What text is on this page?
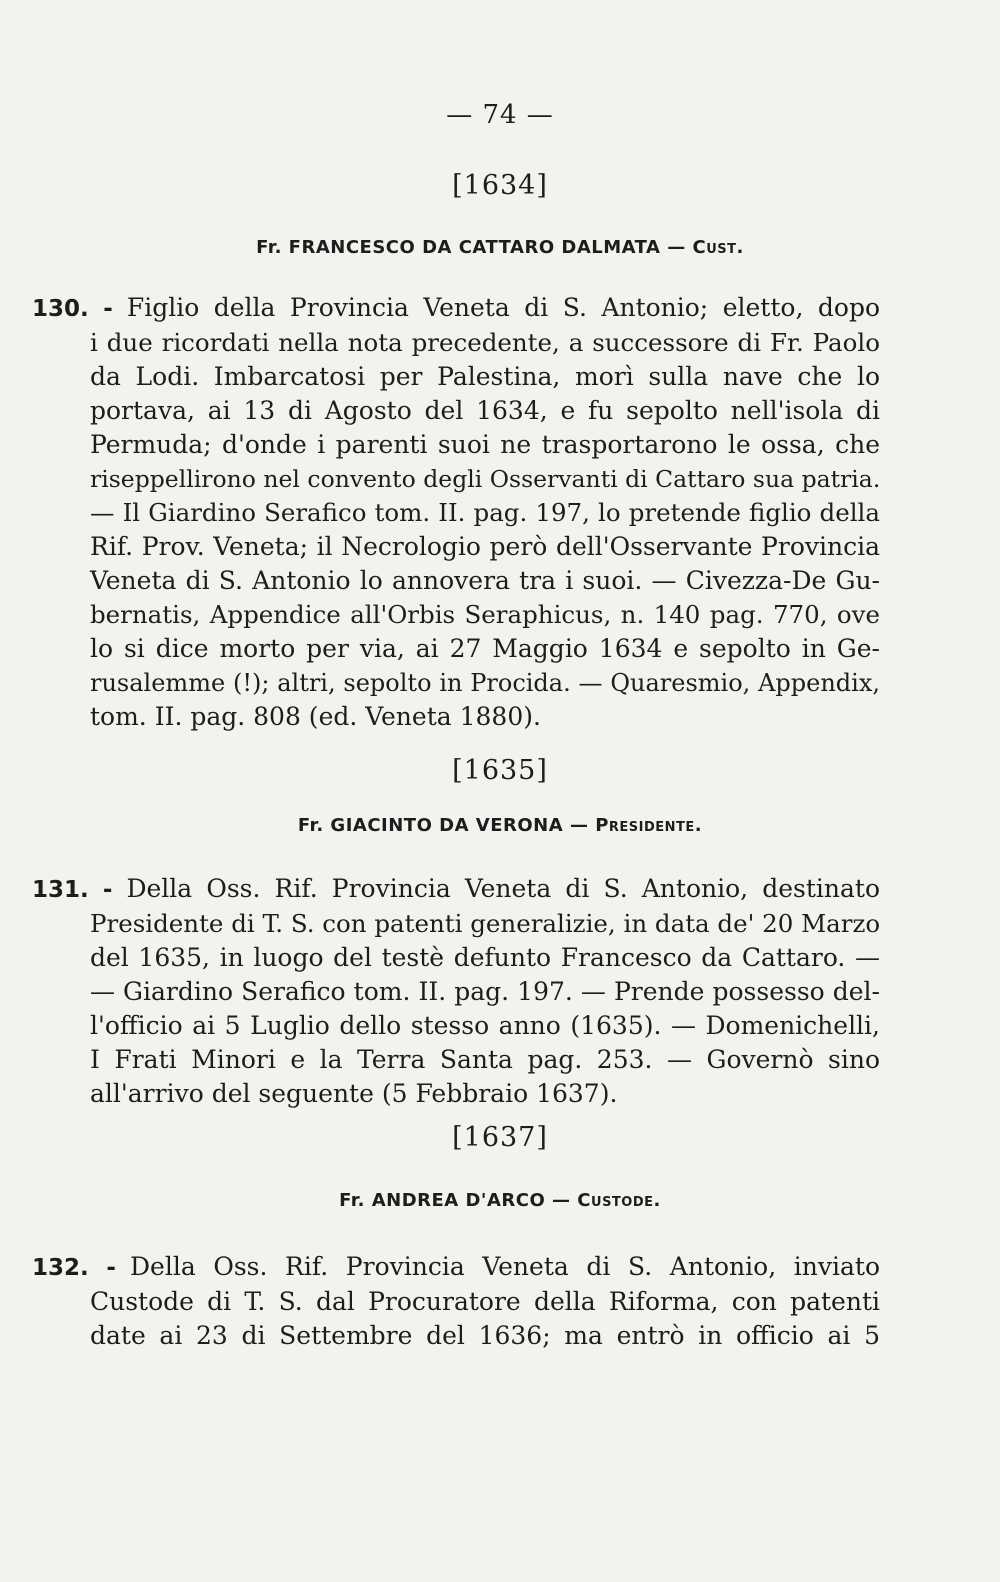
— 74 —
[1634]
Fr. FRANCESCO DA CATTARO DALMATA — Cust.
130. - Figlio della Provincia Veneta di S. Antonio; eletto, dopo
i due ricordati nella nota precedente, a successore di Fr. Paolo
da Lodi. Imbarcatosi per Palestina, morì sulla nave che lo
portava, ai 13 di Agosto del 1634, e fu sepolto nell'isola di
Permuda; d'onde i parenti suoi ne trasportarono le ossa, che
riseppellirono nel convento degli Osservanti di Cattaro sua patria.
— Il Giardino Serafico tom. II. pag. 197, lo pretende figlio della
Rif. Prov. Veneta; il Necrologio però dell'Osservante Provincia
Veneta di S. Antonio lo annovera tra i suoi. — Civezza-De Gu-
bernatis, Appendice all'Orbis Seraphicus, n. 140 pag. 770, ove
lo si dice morto per via, ai 27 Maggio 1634 e sepolto in Ge-
rusalemme (!); altri, sepolto in Procida. — Quaresmio, Appendix,
tom. II. pag. 808 (ed. Veneta 1880).
[1635]
Fr. GIACINTO DA VERONA — Presidente.
131. - Della Oss. Rif. Provincia Veneta di S. Antonio, destinato
Presidente di T. S. con patenti generalizie, in data de' 20 Marzo
del 1635, in luogo del testè defunto Francesco da Cattaro. —
— Giardino Serafico tom. II. pag. 197. — Prende possesso del-
l'officio ai 5 Luglio dello stesso anno (1635). — Domenichelli,
I Frati Minori e la Terra Santa pag. 253. — Governò sino
all'arrivo del seguente (5 Febbraio 1637).
[1637]
Fr. ANDREA D'ARCO — Custode.
132. - Della Oss. Rif. Provincia Veneta di S. Antonio, inviato
Custode di T. S. dal Procuratore della Riforma, con patenti
date ai 23 di Settembre del 1636; ma entrò in officio ai 5
